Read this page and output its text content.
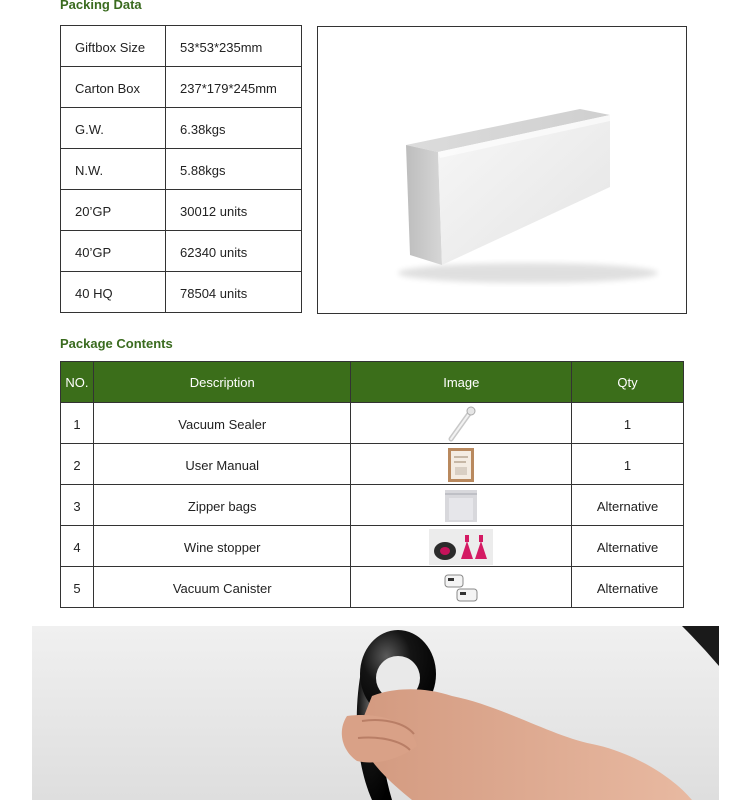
Packing Data
Giftbox Size	53*53*235mm
Carton Box	237*179*245mm
G.W.	6.38kgs
N.W.	5.88kgs
20’GP	30012 units
40’GP	62340 units
40 HQ	78504 units
Package Contents
NO.	Description	Image	Qty
1	Vacuum Sealer		1
2	User Manual		1
3	Zipper bags		Alternative
4	Wine stopper		Alternative
5	Vacuum Canister		Alternative
